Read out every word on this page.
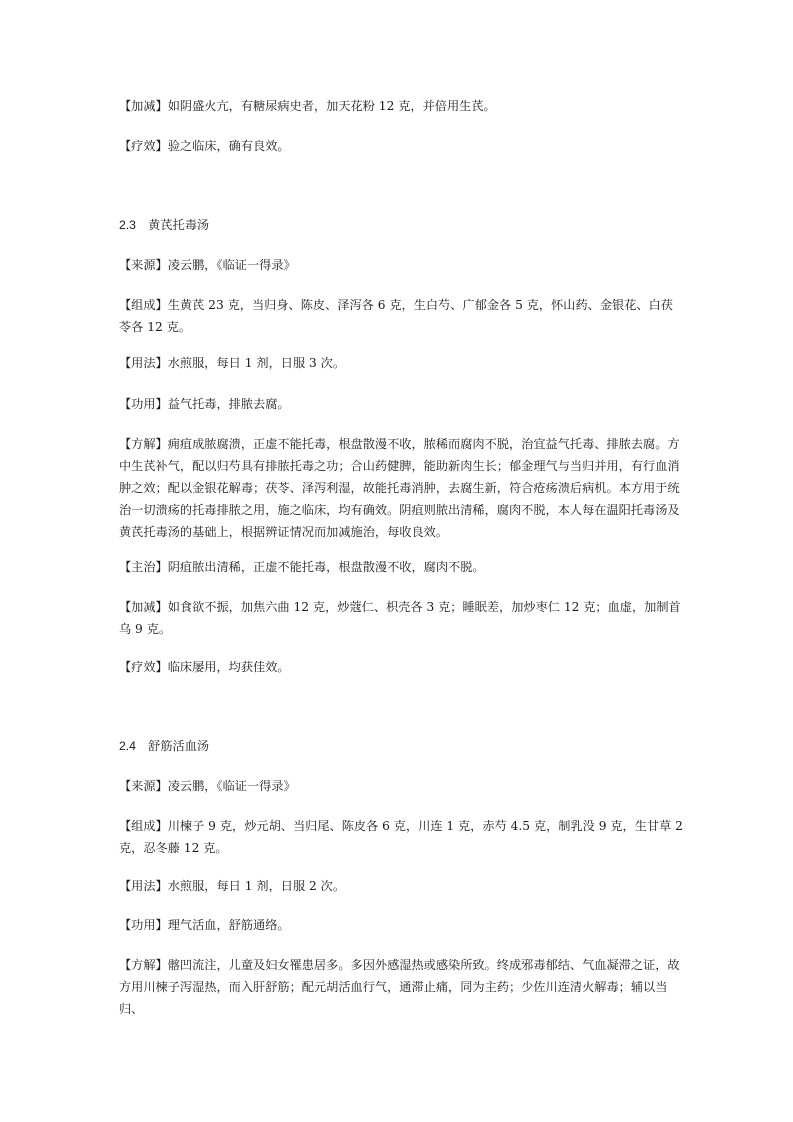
【加减】如阴盛火亢，有糖尿病史者，加天花粉 12 克，并倍用生芪。

【疗效】验之临床，确有良效。

2.3　黄芪托毒汤

【来源】凌云鹏，《临证一得录》

【组成】生黄芪 23 克，当归身、陈皮、泽泻各 6 克，生白芍、广郁金各 5 克，怀山药、金银花、白茯苓各 12 克。

【用法】水煎服，每日 1 剂，日服 3 次。

【功用】益气托毒，排脓去腐。

【方解】痈疽成脓腐溃，正虚不能托毒，根盘散漫不收，脓稀而腐肉不脱，治宜益气托毒、排脓去腐。方中生芪补气，配以归芍具有排脓托毒之功；合山药健脾，能助新肉生长；郁金理气与当归并用，有行血消肿之效；配以金银花解毒；茯苓、泽泻利湿，故能托毒消肿，去腐生新，符合疮疡溃后病机。本方用于统治一切溃疡的托毒排脓之用，施之临床，均有确效。阴疽则脓出清稀，腐肉不脱，本人每在温阳托毒汤及黄芪托毒汤的基础上，根据辨证情况而加减施治，每收良效。

【主治】阴疽脓出清稀，正虚不能托毒，根盘散漫不收，腐肉不脱。

【加减】如食欲不振，加焦六曲 12 克，炒蔻仁、枳壳各 3 克；睡眠差，加炒枣仁 12 克；血虚，加制首乌 9 克。

【疗效】临床屡用，均获佳效。

2.4　舒筋活血汤

【来源】凌云鹏，《临证一得录》

【组成】川楝子 9 克，炒元胡、当归尾、陈皮各 6 克，川连 1 克，赤芍 4.5 克，制乳没 9 克，生甘草 2 克，忍冬藤 12 克。

【用法】水煎服，每日 1 剂，日服 2 次。

【功用】理气活血，舒筋通络。

【方解】髂凹流注，儿童及妇女罹患居多。多因外感湿热或感染所致。终成邪毒郁结、气血凝滞之证，故方用川楝子泻湿热，而入肝舒筋；配元胡活血行气，通滞止痛，同为主药；少佐川连清火解毒；辅以当归、
